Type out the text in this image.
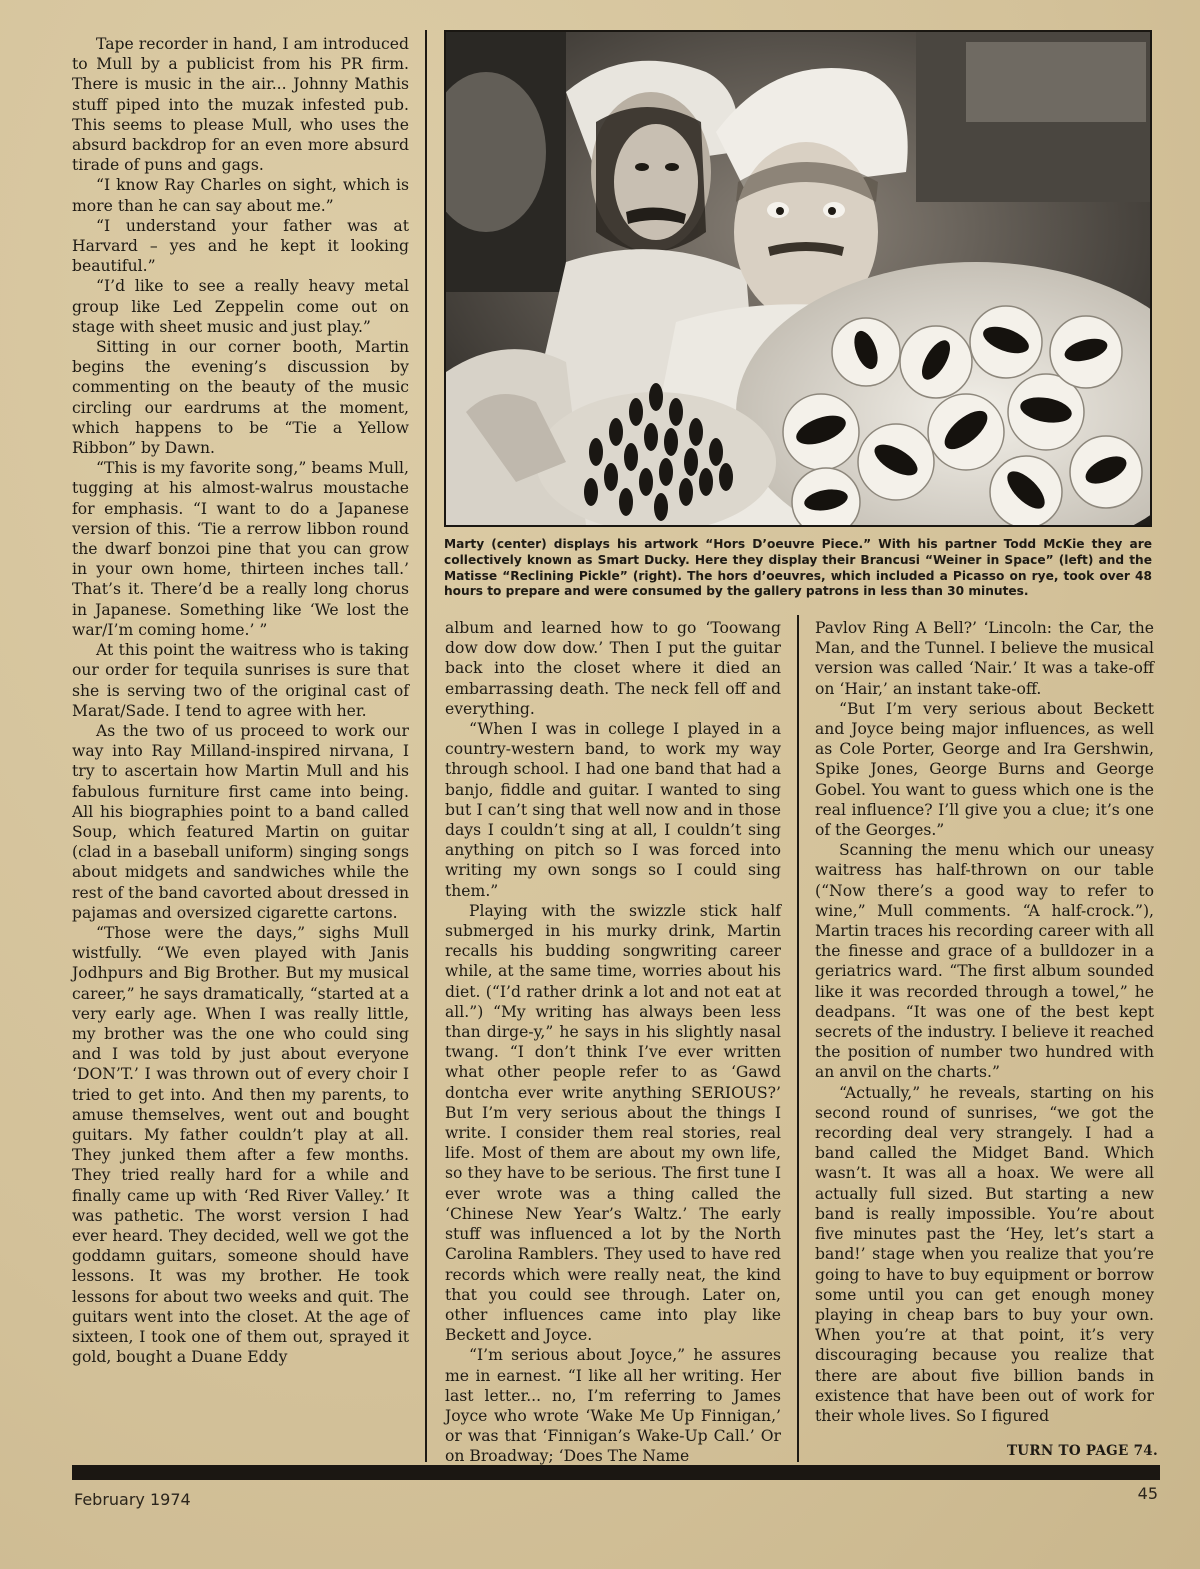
Tape recorder in hand, I am introduced to Mull by a publicist from his PR firm. There is music in the air... Johnny Mathis stuff piped into the muzak infested pub. This seems to please Mull, who uses the absurd backdrop for an even more absurd tirade of puns and gags.

“I know Ray Charles on sight, which is more than he can say about me.”

“I understand your father was at Harvard – yes and he kept it looking beautiful.”

“I’d like to see a really heavy metal group like Led Zeppelin come out on stage with sheet music and just play.”

Sitting in our corner booth, Martin begins the evening’s discussion by commenting on the beauty of the music circling our eardrums at the moment, which happens to be “Tie a Yellow Ribbon” by Dawn.

“This is my favorite song,” beams Mull, tugging at his almost-walrus moustache for emphasis. “I want to do a Japanese version of this. ‘Tie a rerrow libbon round the dwarf bonzoi pine that you can grow in your own home, thirteen inches tall.’ That’s it. There’d be a really long chorus in Japanese. Something like ‘We lost the war/I’m coming home.’ ”

At this point the waitress who is taking our order for tequila sunrises is sure that she is serving two of the original cast of Marat/Sade. I tend to agree with her.

As the two of us proceed to work our way into Ray Milland-inspired nirvana, I try to ascertain how Martin Mull and his fabulous furniture first came into being. All his biographies point to a band called Soup, which featured Martin on guitar (clad in a baseball uniform) singing songs about midgets and sandwiches while the rest of the band cavorted about dressed in pajamas and oversized cigarette cartons.

“Those were the days,” sighs Mull wistfully. “We even played with Janis Jodhpurs and Big Brother. But my musical career,” he says dramatically, “started at a very early age. When I was really little, my brother was the one who could sing and I was told by just about everyone ‘DON’T.’ I was thrown out of every choir I tried to get into. And then my parents, to amuse themselves, went out and bought guitars. My father couldn’t play at all. They junked them after a few months. They tried really hard for a while and finally came up with ‘Red River Valley.’ It was pathetic. The worst version I had ever heard. They decided, well we got the goddamn guitars, someone should have lessons. It was my brother. He took lessons for about two weeks and quit. The guitars went into the closet. At the age of sixteen, I took one of them out, sprayed it gold, bought a Duane Eddy

Marty (center) displays his artwork “Hors D’oeuvre Piece.” With his partner Todd McKie they are collectively known as Smart Ducky. Here they display their Brancusi “Weiner in Space” (left) and the Matisse “Reclining Pickle” (right). The hors d’oeuvres, which included a Picasso on rye, took over 48 hours to prepare and were consumed by the gallery patrons in less than 30 minutes.

album and learned how to go ‘Toowang dow dow dow dow.’ Then I put the guitar back into the closet where it died an embarrassing death. The neck fell off and everything.

“When I was in college I played in a country-western band, to work my way through school. I had one band that had a banjo, fiddle and guitar. I wanted to sing but I can’t sing that well now and in those days I couldn’t sing at all, I couldn’t sing anything on pitch so I was forced into writing my own songs so I could sing them.”

Playing with the swizzle stick half submerged in his murky drink, Martin recalls his budding songwriting career while, at the same time, worries about his diet. (“I’d rather drink a lot and not eat at all.”) “My writing has always been less than dirge-y,” he says in his slightly nasal twang. “I don’t think I’ve ever written what other people refer to as ‘Gawd dontcha ever write anything SERIOUS?’ But I’m very serious about the things I write. I consider them real stories, real life. Most of them are about my own life, so they have to be serious. The first tune I ever wrote was a thing called the ‘Chinese New Year’s Waltz.’ The early stuff was influenced a lot by the North Carolina Ramblers. They used to have red records which were really neat, the kind that you could see through. Later on, other influences came into play like Beckett and Joyce.

“I’m serious about Joyce,” he assures me in earnest. “I like all her writing. Her last letter... no, I’m referring to James Joyce who wrote ‘Wake Me Up Finnigan,’ or was that ‘Finnigan’s Wake-Up Call.’ Or on Broadway; ‘Does The Name

Pavlov Ring A Bell?’ ‘Lincoln: the Car, the Man, and the Tunnel. I believe the musical version was called ‘Nair.’ It was a take-off on ‘Hair,’ an instant take-off.

“But I’m very serious about Beckett and Joyce being major influences, as well as Cole Porter, George and Ira Gershwin, Spike Jones, George Burns and George Gobel. You want to guess which one is the real influence? I’ll give you a clue; it’s one of the Georges.”

Scanning the menu which our uneasy waitress has half-thrown on our table (“Now there’s a good way to refer to wine,” Mull comments. “A half-crock.”), Martin traces his recording career with all the finesse and grace of a bulldozer in a geriatrics ward. “The first album sounded like it was recorded through a towel,” he deadpans. “It was one of the best kept secrets of the industry. I believe it reached the position of number two hundred with an anvil on the charts.”

“Actually,” he reveals, starting on his second round of sunrises, “we got the recording deal very strangely. I had a band called the Midget Band. Which wasn’t. It was all a hoax. We were all actually full sized. But starting a new band is really impossible. You’re about five minutes past the ‘Hey, let’s start a band!’ stage when you realize that you’re going to have to buy equipment or borrow some until you can get enough money playing in cheap bars to buy your own. When you’re at that point, it’s very discouraging because you realize that there are about five billion bands in existence that have been out of work for their whole lives. So I figured

TURN TO PAGE 74.
February 1974	45
